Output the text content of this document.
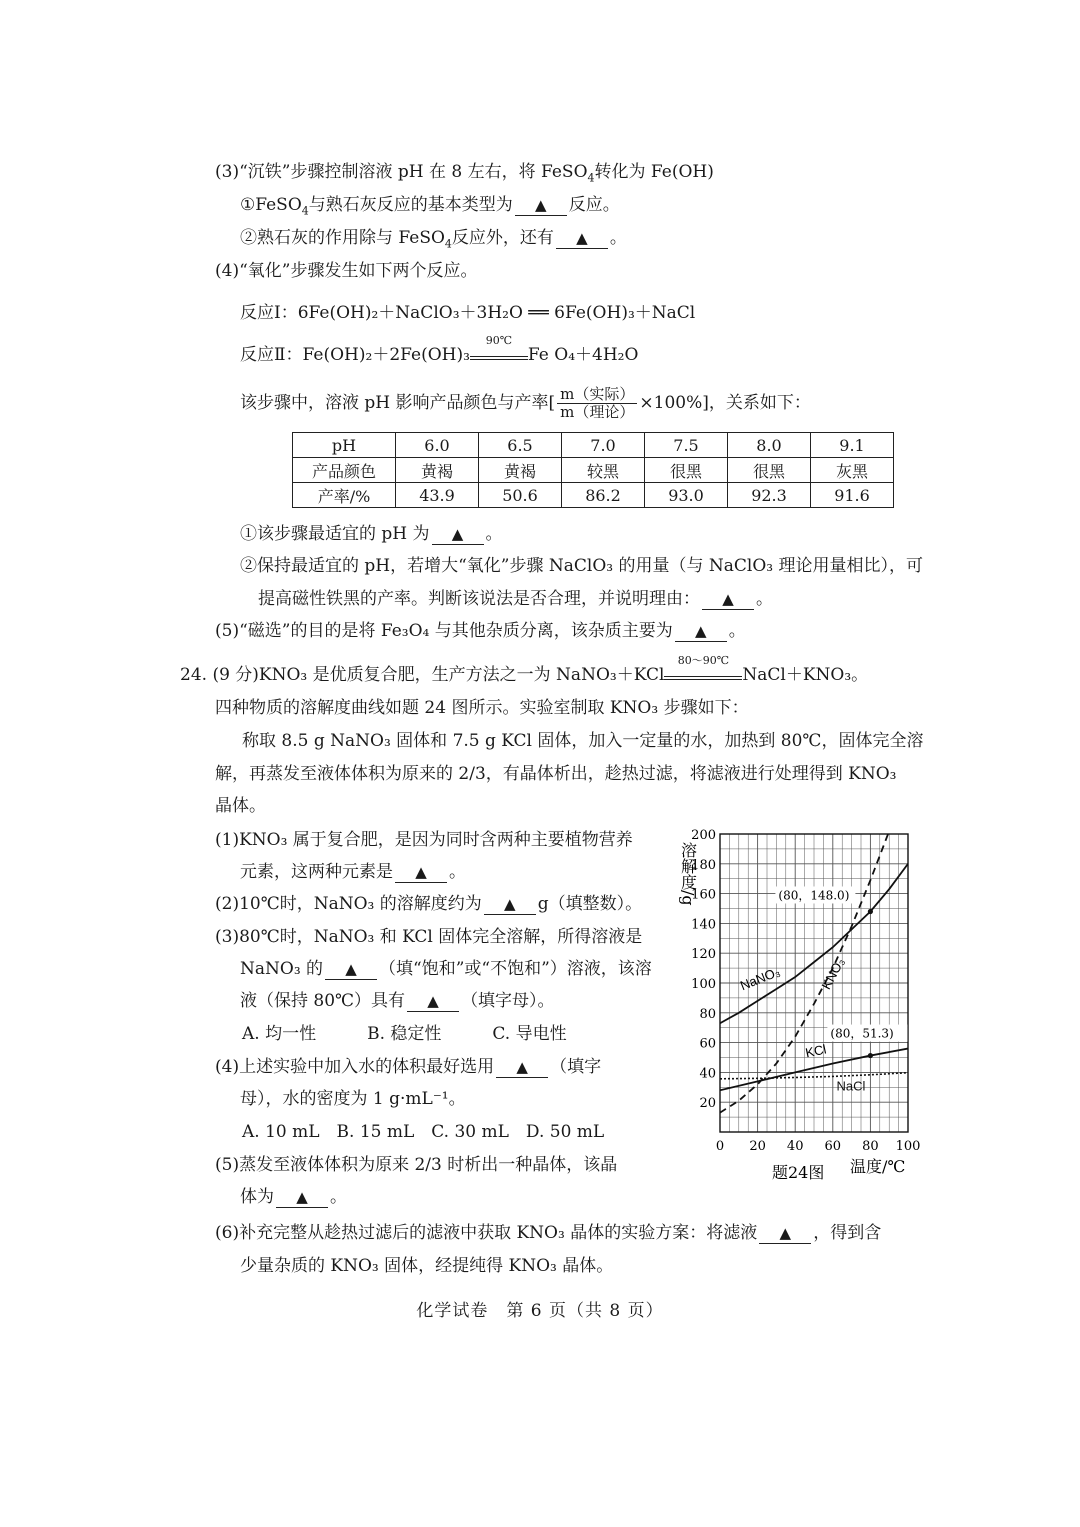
(3)“沉铁”步骤控制溶液 pH 在 8 左右，将 FeSO$_4$转化为 Fe(OH)
①FeSO$_4$与熟石灰反应的基本类型为 ▲ 反应。
②熟石灰的作用除与 FeSO$_4$反应外，还有 ▲ 。
(4)“氧化”步骤发生如下两个反应。
反应Ⅰ：6Fe(OH)₂＋NaClO₃＋3H₂O ══ 6Fe(OH)₃＋NaCl
反应Ⅱ：Fe(OH)₂＋2Fe(OH)₃
90℃
Fe O₄＋4H₂O
该步骤中，溶液 pH 影响产品颜色与产率[ $\frac{\text{m（实际）}}{\text{m（理论）}} \times 100\%$]，关系如下：
pH	6.0	6.5	7.0	7.5	8.0	9.1
产品颜色	黄褐	黄褐	较黑	很黑	很黑	灰黑
产率/%	43.9	50.6	86.2	93.0	92.3	91.6
①该步骤最适宜的 pH 为 ▲ 。
②保持最适宜的 pH，若增大“氧化”步骤 NaClO₃ 的用量（与 NaClO₃ 理论用量相比），可
提高磁性铁黑的产率。判断该说法是否合理，并说明理由： ▲ 。
(5)“磁选”的目的是将 Fe₃O₄ 与其他杂质分离，该杂质主要为 ▲ 。
24. (9 分)KNO₃ 是优质复合肥，生产方法之一为 NaNO₃＋KCl
80～90℃
NaCl＋KNO₃。
四种物质的溶解度曲线如题 24 图所示。实验室制取 KNO₃ 步骤如下：
称取 8.5 g NaNO₃ 固体和 7.5 g KCl 固体，加入一定量的水，加热到 80℃，固体完全溶
解，再蒸发至液体体积为原来的 2/3，有晶体析出，趁热过滤，将滤液进行处理得到 KNO₃
晶体。
(1)KNO₃ 属于复合肥，是因为同时含两种主要植物营养
元素，这两种元素是 ▲ 。
(2)10℃时，NaNO₃ 的溶解度约为 ▲ g（填整数）。
(3)80℃时，NaNO₃ 和 KCl 固体完全溶解，所得溶液是
NaNO₃ 的 ▲ （填“饱和”或“不饱和”）溶液，该溶
液（保持 80℃）具有 ▲ （填字母）。
A. 均一性　　　B. 稳定性　　　C. 导电性
(4)上述实验中加入水的体积最好选用 ▲ （填字
母），水的密度为 1 g·mL⁻¹。
A. 10 mL　B. 15 mL　C. 30 mL　D. 50 mL
(5)蒸发至液体体积为原来 2/3 时析出一种晶体，该晶
体为 ▲ 。
(6)补充完整从趁热过滤后的滤液中获取 KNO₃ 晶体的实验方案：将滤液 ▲ ，得到含
少量杂质的 KNO₃ 固体，经提纯得 KNO₃ 晶体。
0 20 40 60 80 100
20
40
60
80
100
120
140
160
180
200
NaNO₃	KNO₃
KCl
NaCl
(80，148.0)
(80，51.3)
溶解度/g
温度/℃
题24图
化学试卷　第 6 页（共 8 页）
